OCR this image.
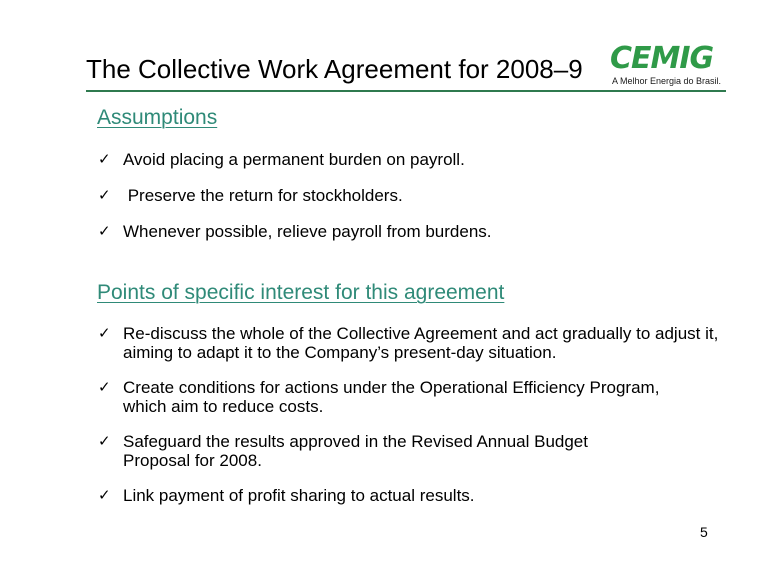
The Collective Work Agreement for 2008–9 CEMIG
A Melhor Energia do Brasil.
Assumptions
✓ Avoid placing a permanent burden on payroll.
✓ Preserve the return for stockholders.
✓ Whenever possible, relieve payroll from burdens.
Points of specific interest for this agreement
✓ Re-discuss the whole of the Collective Agreement and act gradually to adjust it, aiming to adapt it to the Company’s present-day situation.
✓ Create conditions for actions under the Operational Efficiency Program, which aim to reduce costs.
✓ Safeguard the results approved in the Revised Annual Budget Proposal for 2008.
✓ Link payment of profit sharing to actual results.
5
